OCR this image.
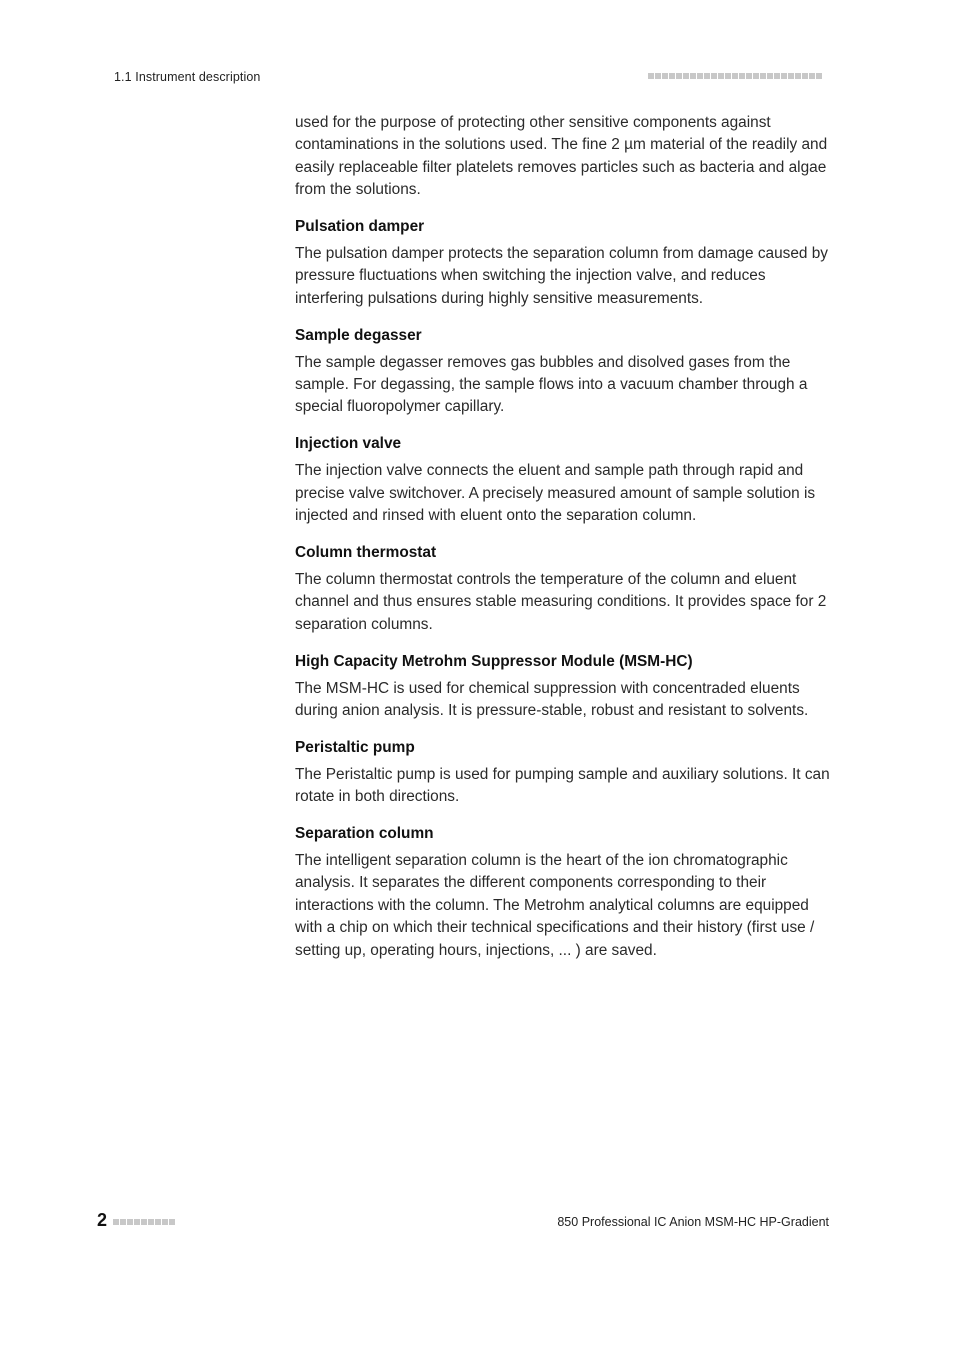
1.1 Instrument description

used for the purpose of protecting other sensitive components against contaminations in the solutions used. The fine 2 µm material of the readily and easily replaceable filter platelets removes particles such as bacteria and algae from the solutions.

Pulsation damper

The pulsation damper protects the separation column from damage caused by pressure fluctuations when switching the injection valve, and reduces interfering pulsations during highly sensitive measurements.

Sample degasser

The sample degasser removes gas bubbles and disolved gases from the sample. For degassing, the sample flows into a vacuum chamber through a special fluoropolymer capillary.

Injection valve

The injection valve connects the eluent and sample path through rapid and precise valve switchover. A precisely measured amount of sample solution is injected and rinsed with eluent onto the separation column.

Column thermostat

The column thermostat controls the temperature of the column and eluent channel and thus ensures stable measuring conditions. It provides space for 2 separation columns.

High Capacity Metrohm Suppressor Module (MSM-HC)

The MSM-HC is used for chemical suppression with concentraded eluents during anion analysis. It is pressure-stable, robust and resistant to solvents.

Peristaltic pump

The Peristaltic pump is used for pumping sample and auxiliary solutions. It can rotate in both directions.

Separation column

The intelligent separation column is the heart of the ion chromatographic analysis. It separates the different components corresponding to their interactions with the column. The Metrohm analytical columns are equipped with a chip on which their technical specifications and their history (first use / setting up, operating hours, injections, ... ) are saved.

2	850 Professional IC Anion MSM-HC HP-Gradient
